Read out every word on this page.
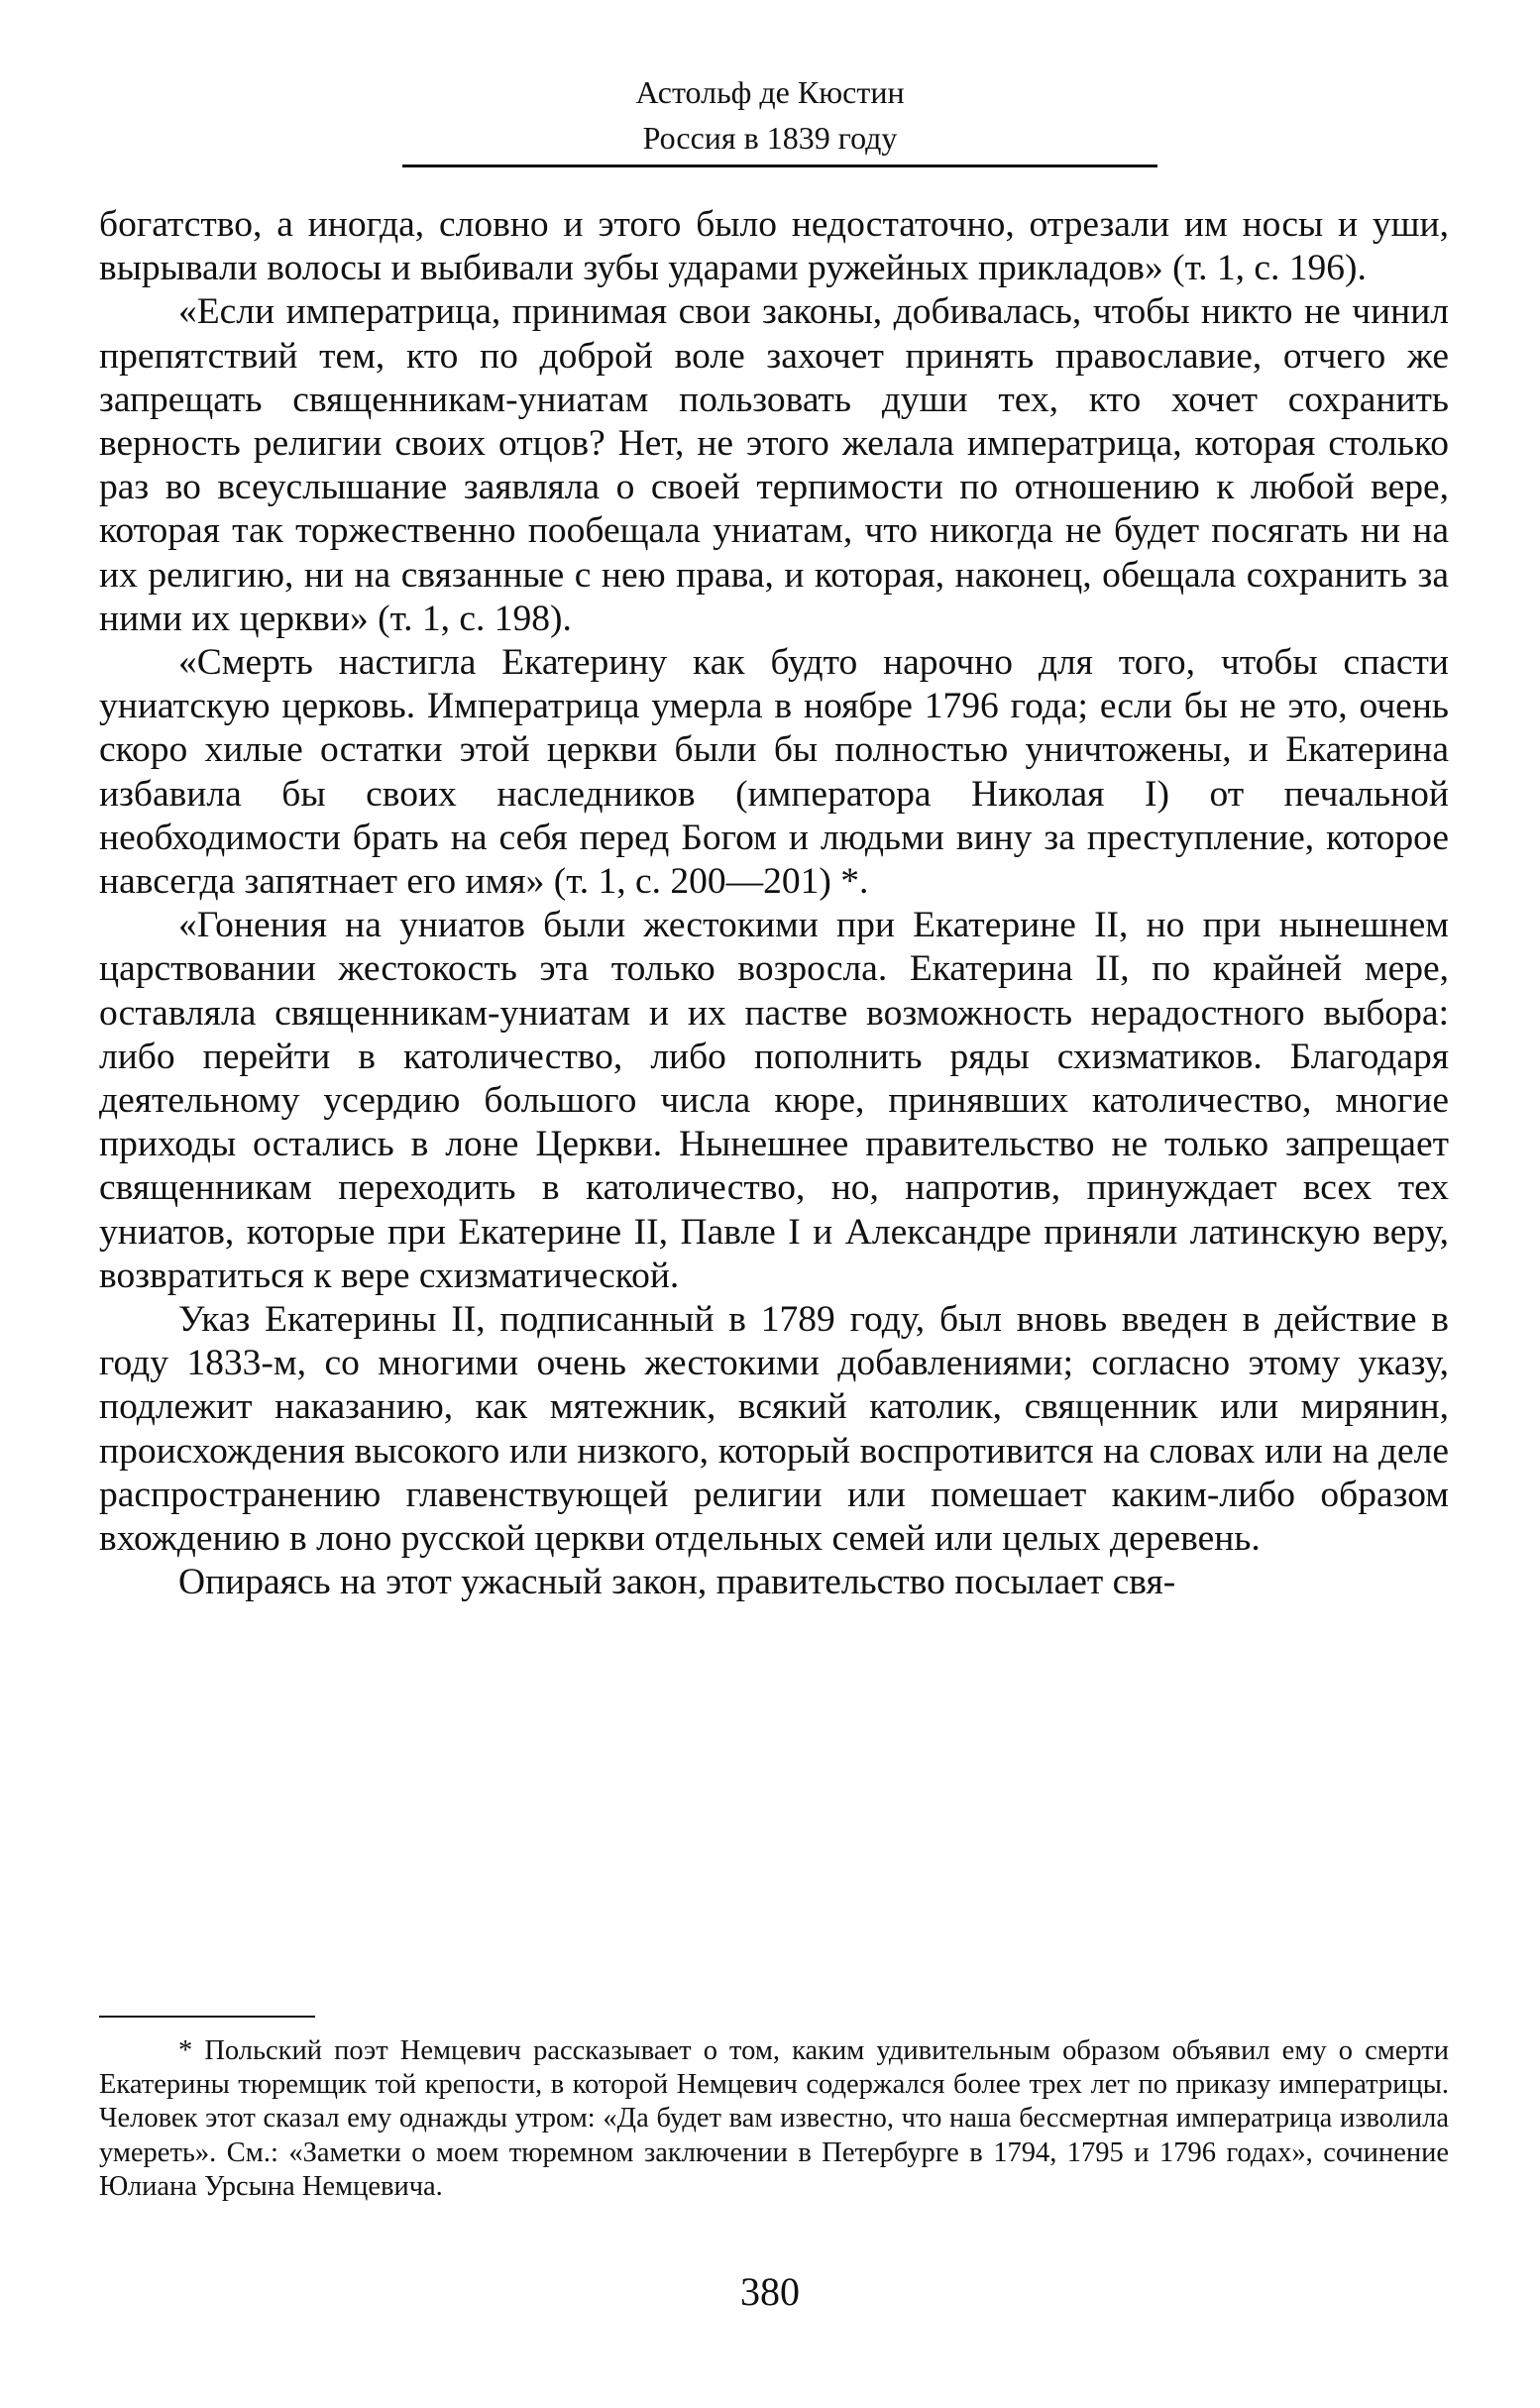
Астольф де Кюстин
Россия в 1839 году

богатство, а иногда, словно и этого было недостаточно, отрезали им носы и уши, вырывали волосы и выбивали зубы ударами ружейных прикладов» (т. 1, с. 196).

«Если императрица, принимая свои законы, добивалась, чтобы никто не чинил препятствий тем, кто по доброй воле захочет принять православие, отчего же запрещать священникам-униатам пользовать души тех, кто хочет сохранить верность религии своих отцов? Нет, не этого желала императрица, которая столько раз во всеуслышание заявляла о своей терпимости по отношению к любой вере, которая так торжественно пообещала униатам, что никогда не будет посягать ни на их религию, ни на связанные с нею права, и которая, наконец, обещала сохранить за ними их церкви» (т. 1, с. 198).

«Смерть настигла Екатерину как будто нарочно для того, чтобы спасти униатскую церковь. Императрица умерла в ноябре 1796 года; если бы не это, очень скоро хилые остатки этой церкви были бы полностью уничтожены, и Екатерина избавила бы своих наследников (императора Николая I) от печальной необходимости брать на себя перед Богом и людьми вину за преступление, которое навсегда запятнает его имя» (т. 1, с. 200—201) *.

«Гонения на униатов были жестокими при Екатерине II, но при нынешнем царствовании жестокость эта только возросла. Екатерина II, по крайней мере, оставляла священникам-униатам и их пастве возможность нерадостного выбора: либо перейти в католичество, либо пополнить ряды схизматиков. Благодаря деятельному усердию большого числа кюре, принявших католичество, многие приходы остались в лоне Церкви. Нынешнее правительство не только запрещает священникам переходить в католичество, но, напротив, принуждает всех тех униатов, которые при Екатерине II, Павле I и Александре приняли латинскую веру, возвратиться к вере схизматической.

Указ Екатерины II, подписанный в 1789 году, был вновь введен в действие в году 1833-м, со многими очень жестокими добавлениями; согласно этому указу, подлежит наказанию, как мятежник, всякий католик, священник или мирянин, происхождения высокого или низкого, который воспротивится на словах или на деле распространению главенствующей религии или помешает каким-либо образом вхождению в лоно русской церкви отдельных семей или целых деревень.

Опираясь на этот ужасный закон, правительство посылает свя-

* Польский поэт Немцевич рассказывает о том, каким удивительным образом объявил ему о смерти Екатерины тюремщик той крепости, в которой Немцевич содержался более трех лет по приказу императрицы. Человек этот сказал ему однажды утром: «Да будет вам известно, что наша бессмертная императрица изволила умереть». См.: «Заметки о моем тюремном заключении в Петербурге в 1794, 1795 и 1796 годах», сочинение Юлиана Урсына Немцевича.

380
